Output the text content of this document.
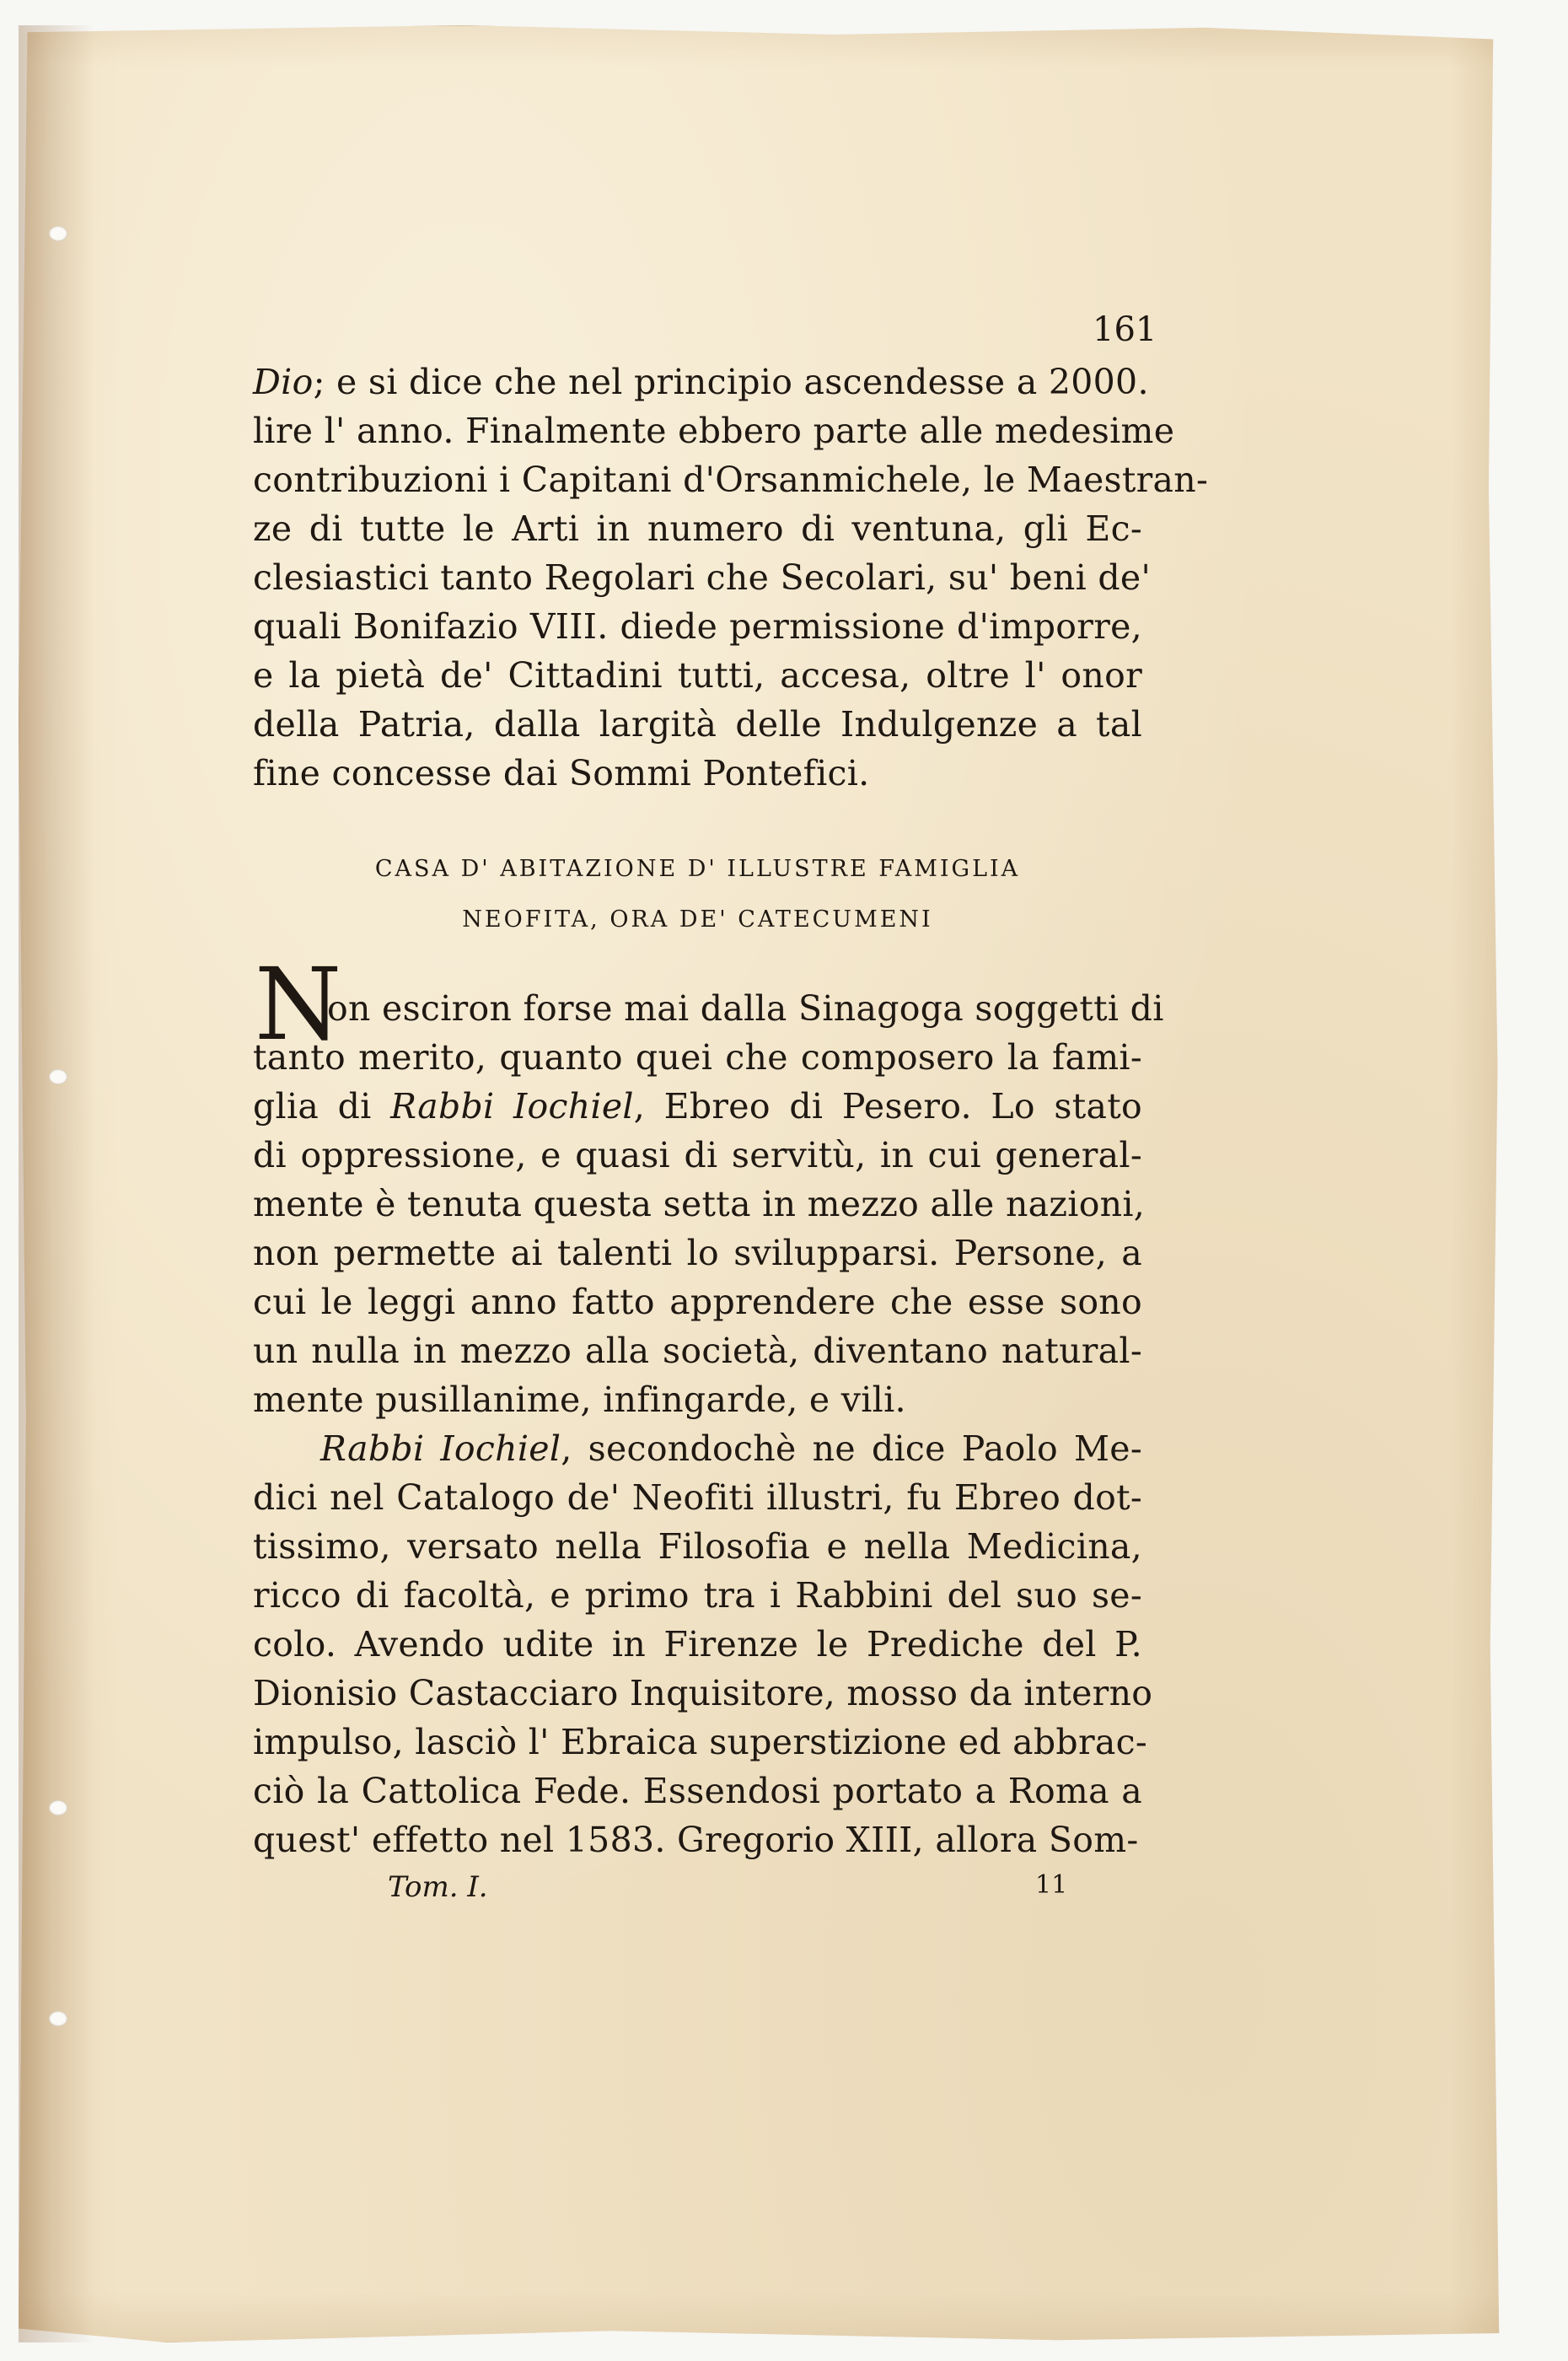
161
Dio; e si dice che nel principio ascendesse a 2000.
lire l' anno. Finalmente ebbero parte alle medesime
contribuzioni i Capitani d'Orsanmichele, le Maestran-
ze di tutte le Arti in numero di ventuna, gli Ec-
clesiastici tanto Regolari che Secolari, su' beni de'
quali Bonifazio VIII. diede permissione d'imporre,
e la pietà de' Cittadini tutti, accesa, oltre l' onor
della Patria, dalla largità delle Indulgenze a tal
fine concesse dai Sommi Pontefici.
CASA D' ABITAZIONE D' ILLUSTRE FAMIGLIA
NEOFITA, ORA DE' CATECUMENI
N
on esciron forse mai dalla Sinagoga soggetti di
tanto merito, quanto quei che composero la fami-
glia di Rabbi Iochiel, Ebreo di Pesero. Lo stato
di oppressione, e quasi di servitù, in cui general-
mente è tenuta questa setta in mezzo alle nazioni,
non permette ai talenti lo svilupparsi. Persone, a
cui le leggi anno fatto apprendere che esse sono
un nulla in mezzo alla società, diventano natural-
mente pusillanime, infingarde, e vili.
Rabbi Iochiel, secondochè ne dice Paolo Me-
dici nel Catalogo de' Neofiti illustri, fu Ebreo dot-
tissimo, versato nella Filosofia e nella Medicina,
ricco di facoltà, e primo tra i Rabbini del suo se-
colo. Avendo udite in Firenze le Prediche del P.
Dionisio Castacciaro Inquisitore, mosso da interno
impulso, lasciò l' Ebraica superstizione ed abbrac-
ciò la Cattolica Fede. Essendosi portato a Roma a
quest' effetto nel 1583. Gregorio XIII, allora Som-
Tom. I.	11
